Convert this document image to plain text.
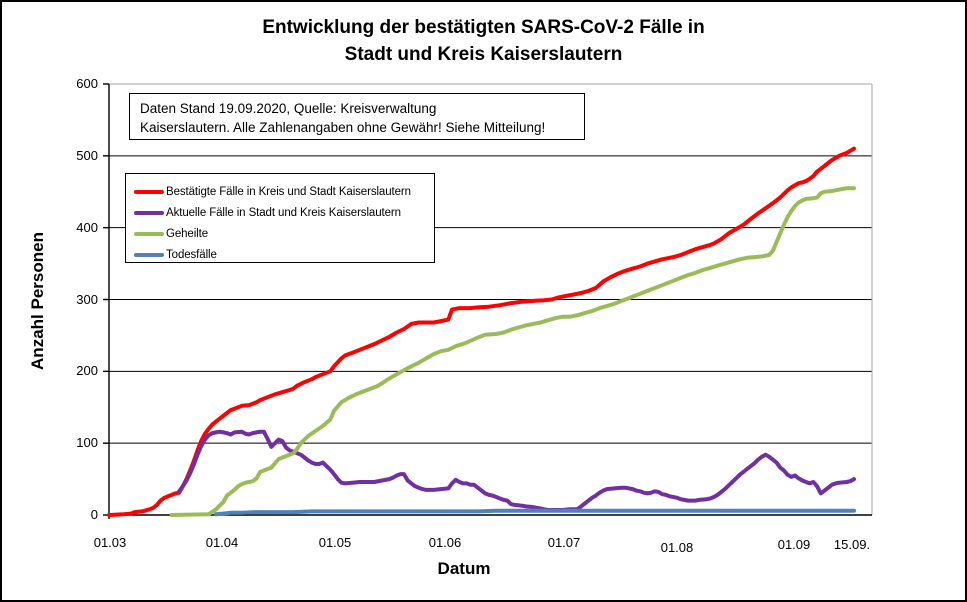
Entwicklung der bestätigten SARS-CoV-2 Fälle in
Stadt und Kreis Kaiserslautern
Daten Stand 19.09.2020, Quelle: Kreisverwaltung
Kaiserslautern. Alle Zahlenangaben ohne Gewähr! Siehe Mitteilung!
Bestätigte Fälle in Kreis und Stadt Kaiserslautern
Aktuelle Fälle in Stadt und Kreis Kaiserslautern
Geheilte
Todesfälle
Anzahl Personen
Datum
0
100
200
300
400
500
600
01.03	01.04	01.05	01.06	01.07	01.08	01.09	15.09.
